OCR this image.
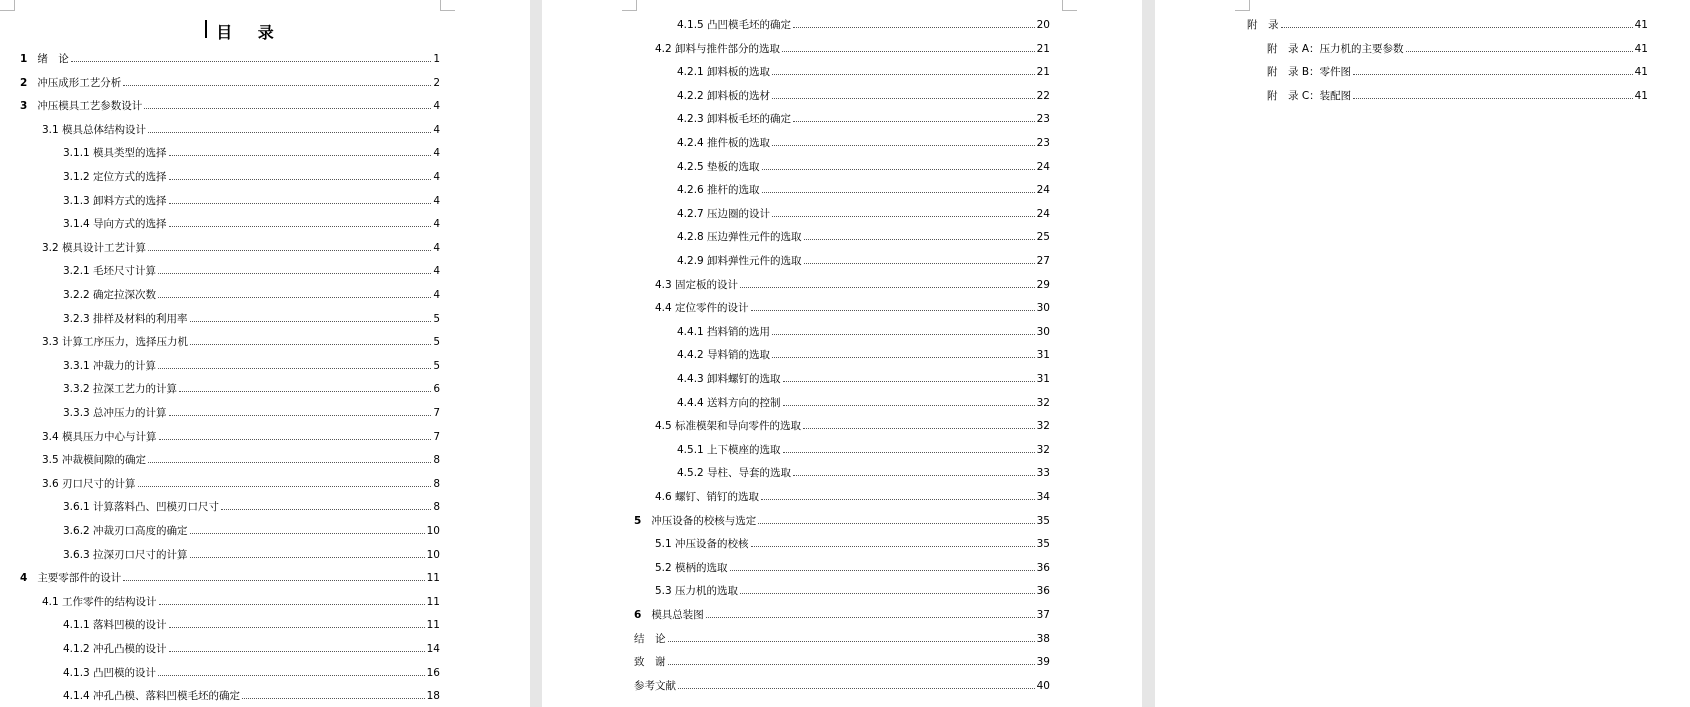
目 录
1 绪　论	1
2 冲压成形工艺分析	2
3 冲压模具工艺参数设计	4
3.1 模具总体结构设计	4
3.1.1 模具类型的选择	4
3.1.2 定位方式的选择	4
3.1.3 卸料方式的选择	4
3.1.4 导向方式的选择	4
3.2 模具设计工艺计算	4
3.2.1 毛坯尺寸计算	4
3.2.2 确定拉深次数	4
3.2.3 排样及材料的利用率	5
3.3 计算工序压力，选择压力机	5
3.3.1 冲裁力的计算	5
3.3.2 拉深工艺力的计算	6
3.3.3 总冲压力的计算	7
3.4 模具压力中心与计算	7
3.5 冲裁模间隙的确定	8
3.6 刃口尺寸的计算	8
3.6.1 计算落料凸、凹模刃口尺寸	8
3.6.2 冲裁刃口高度的确定	10
3.6.3 拉深刃口尺寸的计算	10
4 主要零部件的设计	11
4.1 工作零件的结构设计	11
4.1.1 落料凹模的设计	11
4.1.2 冲孔凸模的设计	14
4.1.3 凸凹模的设计	16
4.1.4 冲孔凸模、落料凹模毛坯的确定	18
4.1.5 凸凹模毛坯的确定	20
4.2 卸料与推件部分的选取	21
4.2.1 卸料板的选取	21
4.2.2 卸料板的选材	22
4.2.3 卸料板毛坯的确定	23
4.2.4 推件板的选取	23
4.2.5 垫板的选取	24
4.2.6 推杆的选取	24
4.2.7 压边圈的设计	24
4.2.8 压边弹性元件的选取	25
4.2.9 卸料弹性元件的选取	27
4.3 固定板的设计	29
4.4 定位零件的设计	30
4.4.1 挡料销的选用	30
4.4.2 导料销的选取	31
4.4.3 卸料螺钉的选取	31
4.4.4 送料方向的控制	32
4.5 标准模架和导向零件的选取	32
4.5.1 上下模座的选取	32
4.5.2 导柱、导套的选取	33
4.6 螺钉、销钉的选取	34
5 冲压设备的校核与选定	35
5.1 冲压设备的校核	35
5.2 模柄的选取	36
5.3 压力机的选取	36
6 模具总装图	37
结　论	38
致　谢	39
参考文献	40
附　录	41
附　录 A：压力机的主要参数	41
附　录 B：零件图	41
附　录 C：装配图	41
